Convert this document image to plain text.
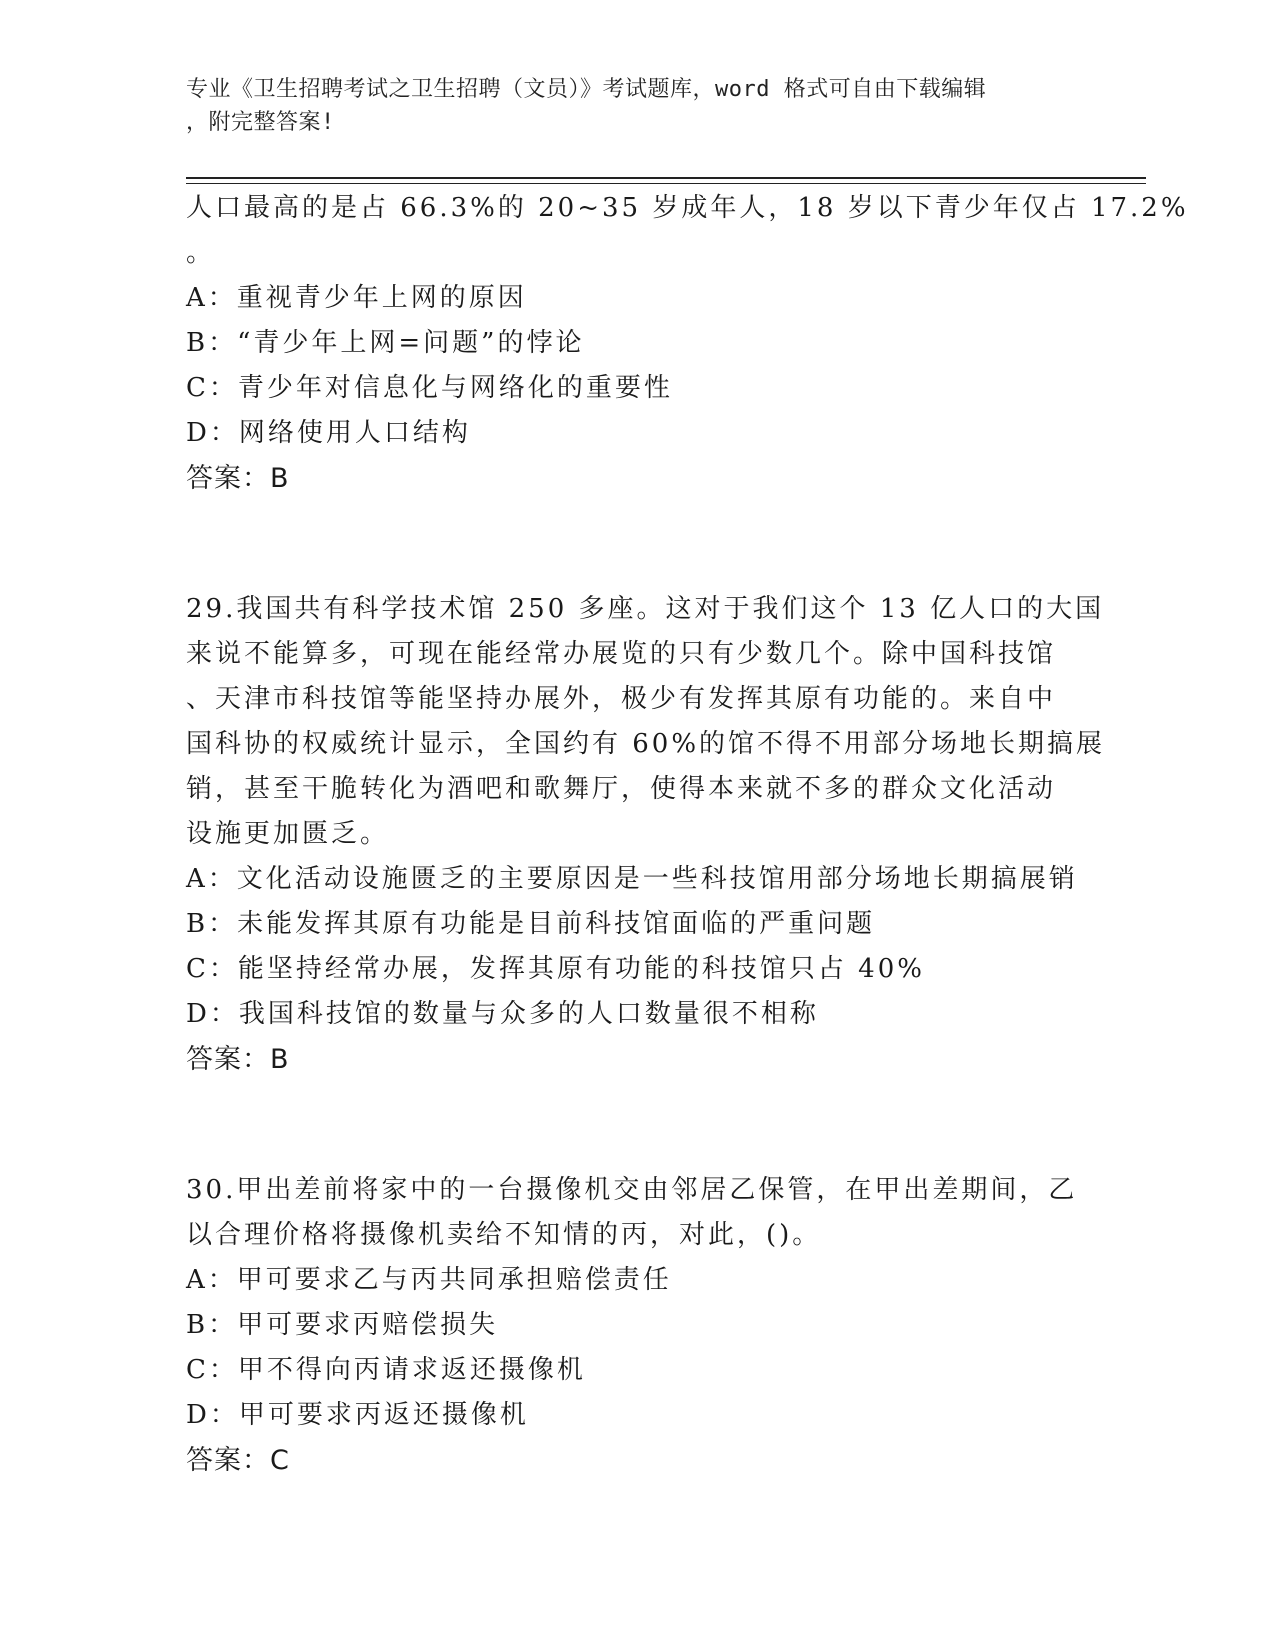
专业《卫生招聘考试之卫生招聘（文员）》考试题库，word 格式可自由下载编辑
，附完整答案!
人口最高的是占 66.3%的 20~35 岁成年人，18 岁以下青少年仅占 17.2%
。
A：重视青少年上网的原因
B：“青少年上网=问题”的悖论
C：青少年对信息化与网络化的重要性
D：网络使用人口结构
答案：B
29.我国共有科学技术馆 250 多座。这对于我们这个 13 亿人口的大国
来说不能算多，可现在能经常办展览的只有少数几个。除中国科技馆
、天津市科技馆等能坚持办展外，极少有发挥其原有功能的。来自中
国科协的权威统计显示，全国约有 60%的馆不得不用部分场地长期搞展
销，甚至干脆转化为酒吧和歌舞厅，使得本来就不多的群众文化活动
设施更加匮乏。
A：文化活动设施匮乏的主要原因是一些科技馆用部分场地长期搞展销
B：未能发挥其原有功能是目前科技馆面临的严重问题
C：能坚持经常办展，发挥其原有功能的科技馆只占 40%
D：我国科技馆的数量与众多的人口数量很不相称
答案：B
30.甲出差前将家中的一台摄像机交由邻居乙保管，在甲出差期间，乙
以合理价格将摄像机卖给不知情的丙，对此，()。
A：甲可要求乙与丙共同承担赔偿责任
B：甲可要求丙赔偿损失
C：甲不得向丙请求返还摄像机
D：甲可要求丙返还摄像机
答案：C
